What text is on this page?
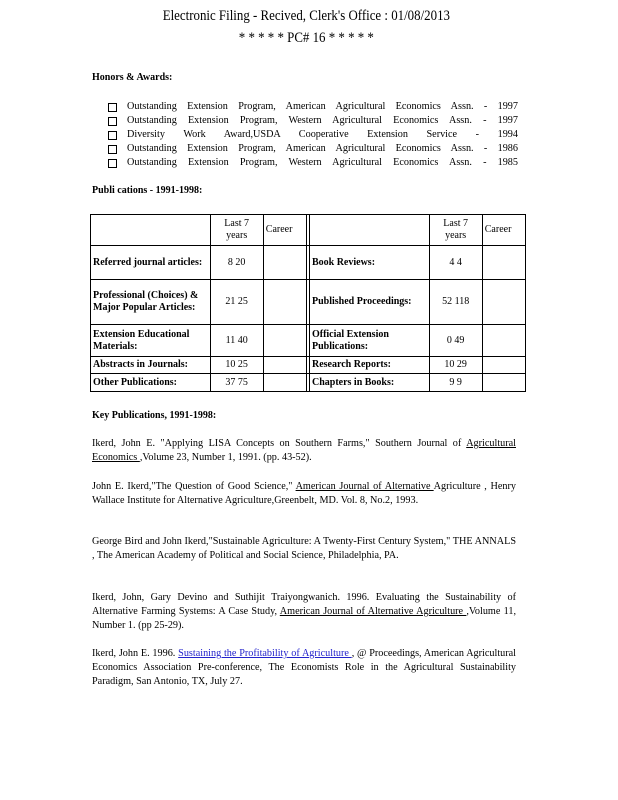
Electronic Filing - Recived, Clerk's Office : 01/08/2013
* * * * * PC# 16 * * * * *
Honors & Awards:
Outstanding Extension Program, American Agricultural Economics Assn. - 1997
Outstanding Extension Program, Western Agricultural Economics Assn. - 1997
Diversity Work Award,USDA Cooperative Extension Service - 1994
Outstanding Extension Program, American Agricultural Economics Assn. - 1986
Outstanding Extension Program, Western Agricultural Economics Assn. - 1985
Publi cations - 1991-1998:
	Last 7 years	Career			Last 7 years	Career
Referred journal articles:	8 20			Book Reviews:	4 4	
Professional (Choices) & Major Popular Articles:	21 25			Published Proceedings:	52 118	
Extension Educational Materials:	11 40			Official Extension Publications:	0 49	
Abstracts in Journals:	10 25			Research Reports:	10 29	
Other Publications:	37 75			Chapters in Books:	9 9	
Key Publications, 1991-1998:
Ikerd, John E. "Applying LISA Concepts on Southern Farms," Southern Journal of Agricultural Economics ,Volume 23, Number 1, 1991. (pp. 43-52).
John E. Ikerd,"The Question of Good Science," American Journal of Alternative Agriculture , Henry Wallace Institute for Alternative Agriculture,Greenbelt, MD. Vol. 8, No.2, 1993.
George Bird and John Ikerd,"Sustainable Agriculture: A Twenty-First Century System," THE ANNALS , The American Academy of Political and Social Science, Philadelphia, PA.
Ikerd, John, Gary Devino and Suthijit Traiyongwanich. 1996. Evaluating the Sustainability of Alternative Farming Systems: A Case Study, American Journal of Alternative Agriculture ,Volume 11, Number 1. (pp 25-29).
Ikerd, John E. 1996. Sustaining the Profitability of Agriculture , @ Proceedings, American Agricultural Economics Association Pre-conference, The Economists Role in the Agricultural Sustainability Paradigm, San Antonio, TX, July 27.
